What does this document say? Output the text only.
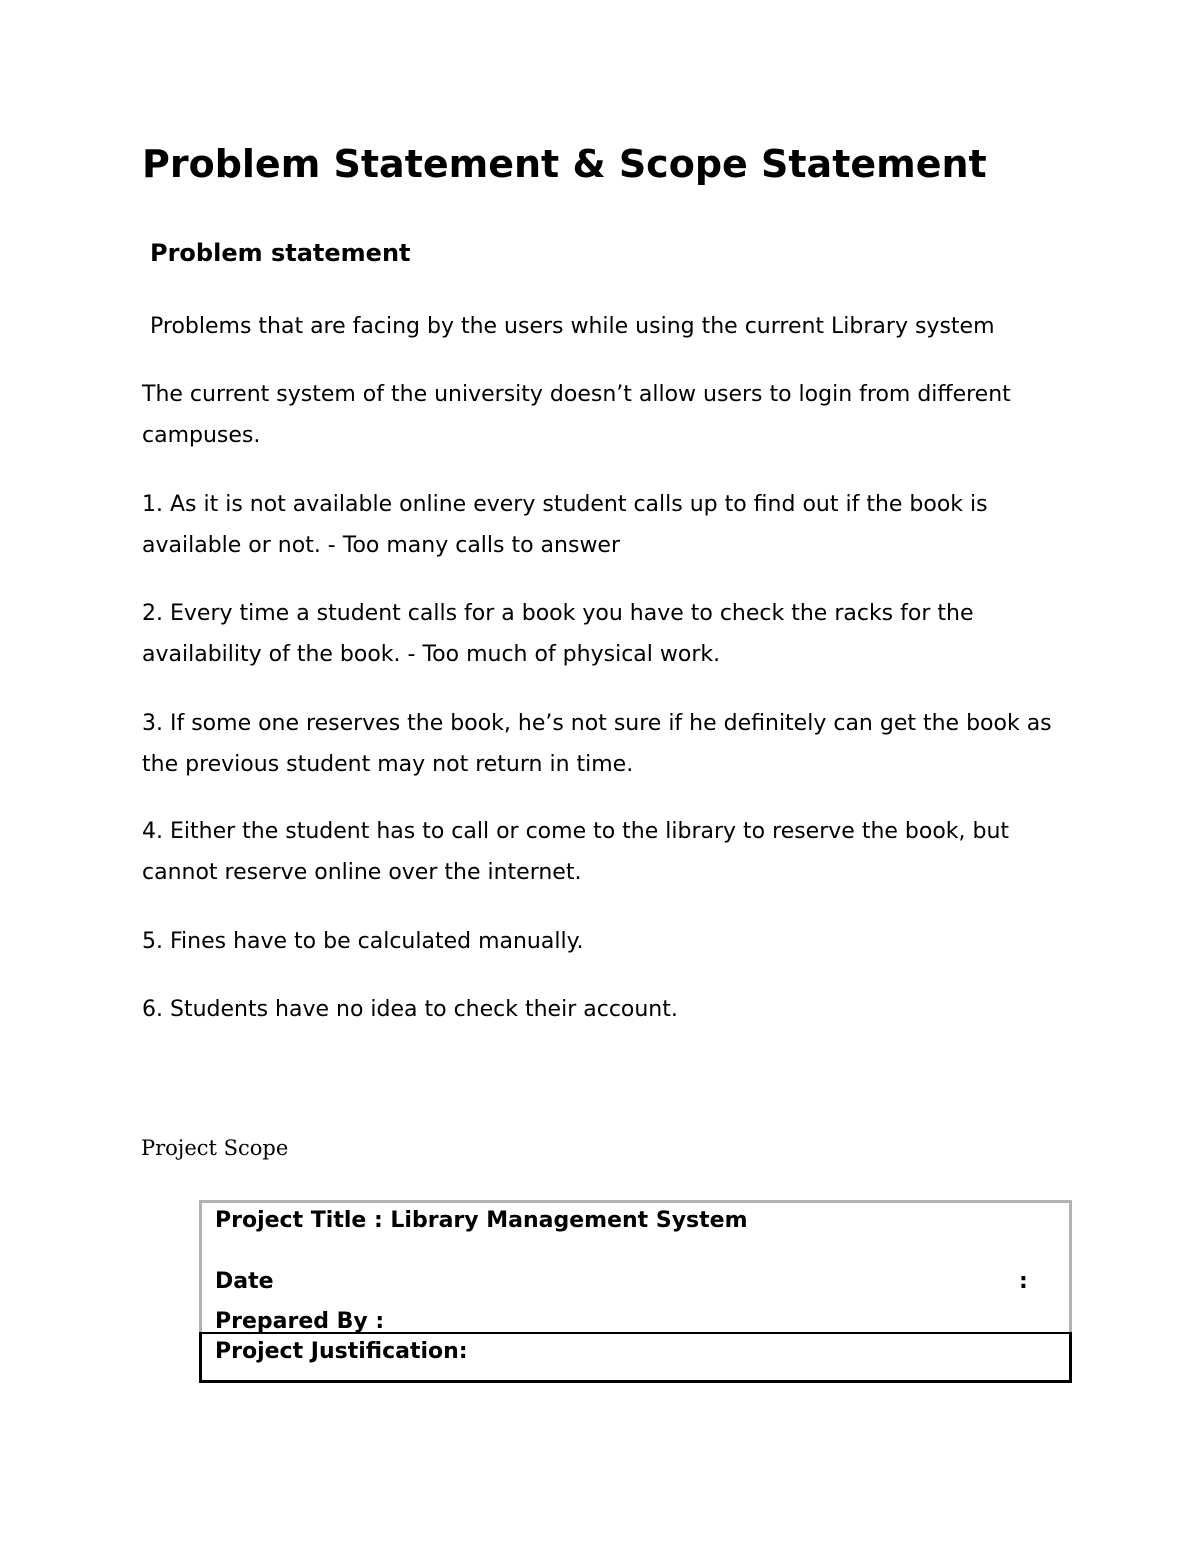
Problem Statement & Scope Statement
Problem statement
Problems that are facing by the users while using the current Library system
The current system of the university doesn’t allow users to login from different campuses.
1. As it is not available online every student calls up to find out if the book is available or not. - Too many calls to answer
2. Every time a student calls for a book you have to check the racks for the availability of the book. - Too much of physical work.
3. If some one reserves the book, he’s not sure if he definitely can get the book as the previous student may not return in time.
4. Either the student has to call or come to the library to reserve the book, but cannot reserve online over the internet.
5. Fines have to be calculated manually.
6. Students have no idea to check their account.
Project Scope
Project Title : Library Management System
Date	:
Prepared By :
Project Justification:
